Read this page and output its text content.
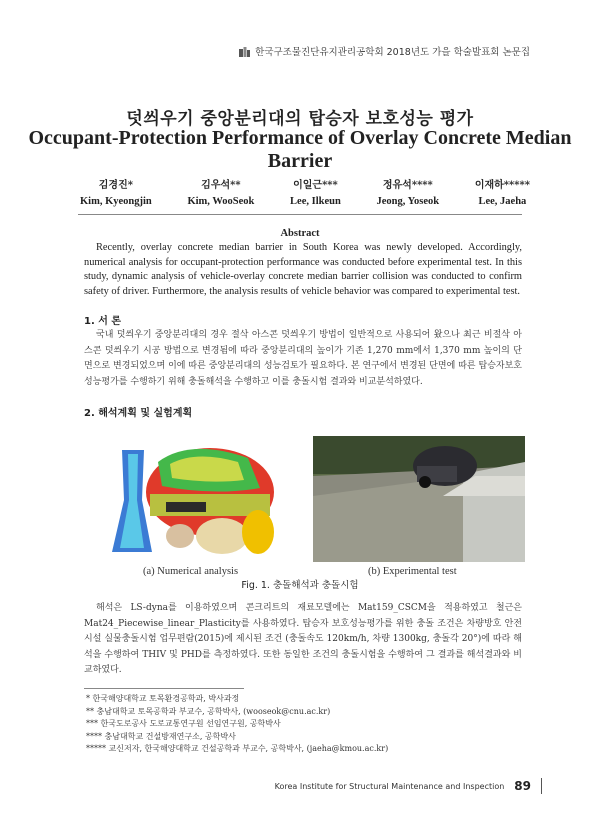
한국구조물진단유지관리공학회 2018년도 가을 학술발표회 논문집
덧씌우기 중앙분리대의 탑승자 보호성능 평가
Occupant-Protection Performance of Overlay Concrete Median Barrier
김경진*
Kim, Kyeongjin
김우석**
Kim, WooSeok
이일근***
Lee, Ilkeun
정유석****
Jeong, Yoseok
이재하*****
Lee, Jaeha
Abstract
Recently, overlay concrete median barrier in South Korea was newly developed. Accordingly, numerical analysis for occupant-protection performance was conducted before experimental test. In this study, dynamic analysis of vehicle-overlay concrete median barrier collision was conducted to confirm safety of driver. Furthermore, the analysis results of vehicle behavior was compared to experimental test.
1. 서 론
국내 덧씌우기 중앙분리대의 경우 절삭 아스콘 덧씌우기 방법이 일반적으로 사용되어 왔으나 최근 비절삭 아스콘 덧씌우기 시공 방법으로 변경됨에 따라 중앙분리대의 높이가 기존 1,270 mm에서 1,370 mm 높이의 단면으로 변경되었으며 이에 따른 중앙분리대의 성능검토가 필요하다. 본 연구에서 변경된 단면에 따른 탑승자보호 성능평가를 수행하기 위해 충돌해석을 수행하고 이를 충돌시험 결과와 비교분석하였다.
2. 해석계획 및 실험계획
(a) Numerical analysis	(b) Experimental test
Fig. 1. 충돌해석과 충돌시험
해석은 LS-dyna를 이용하였으며 콘크리트의 재료모델에는 Mat159_CSCM을 적용하였고 철근은 Mat24_Piecewise_linear_Plasticity를 사용하였다. 탑승자 보호성능평가를 위한 충돌 조건은 차량방호 안전시설 실물충돌시험 업무편람(2015)에 제시된 조건 (충돌속도 120km/h, 차량 1300kg, 충돌각 20°)에 따라 해석을 수행하여 THIV 및 PHD를 측정하였다. 또한 동일한 조건의 충돌시험을 수행하여 그 결과를 해석결과와 비교하였다.
* 한국해양대학교 토목환경공학과, 박사과정
** 충남대학교 토목공학과 부교수, 공학박사, (wooseok@cnu.ac.kr)
*** 한국도로공사 도로교통연구원 선임연구원, 공학박사
**** 충남대학교 건설방재연구소, 공학박사
***** 교신저자, 한국해양대학교 건설공학과 부교수, 공학박사, (jaeha@kmou.ac.kr)
Korea Institute for Structural Maintenance and Inspection 89
